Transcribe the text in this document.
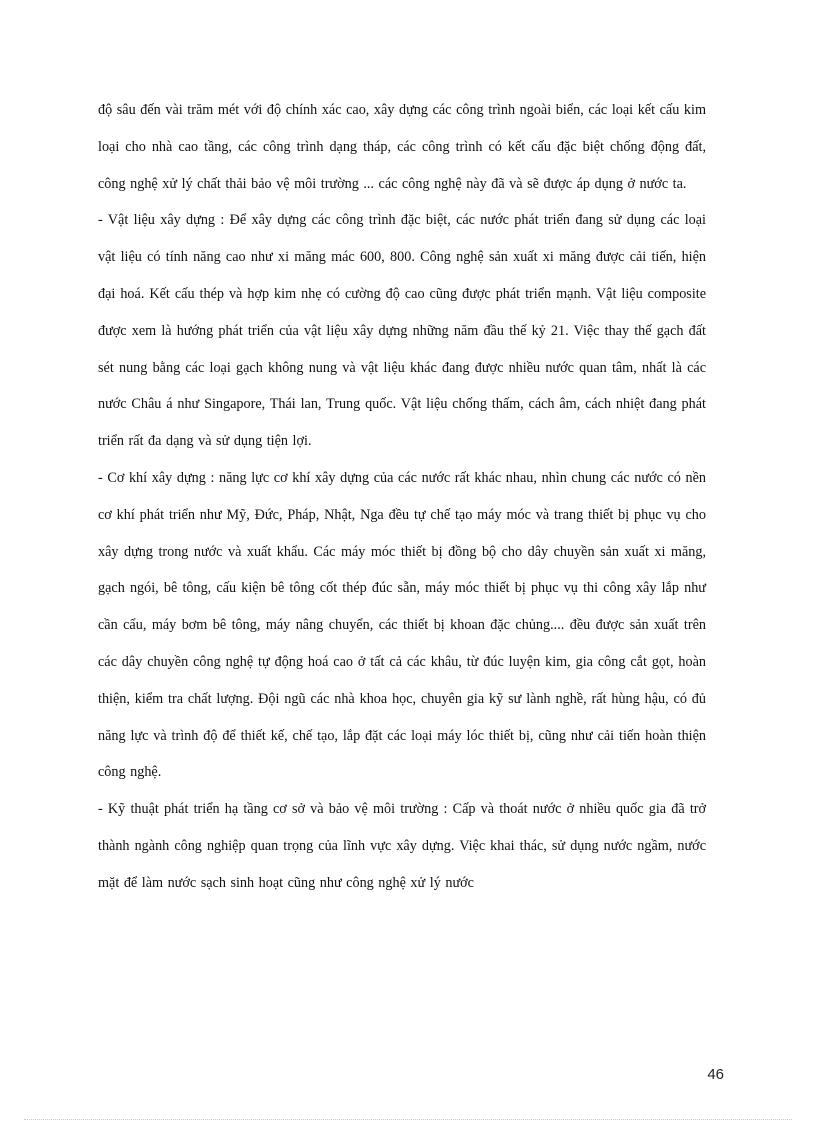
độ sâu đến vài trăm mét với độ chính xác cao, xây dựng các công trình ngoài biển, các loại kết cấu kim loại cho nhà cao tầng, các công trình dạng tháp, các công trình có kết cấu đặc biệt chống động đất, công nghệ xử lý chất thải bảo vệ môi trường ... các công nghệ này đã và sẽ được áp dụng ở nước ta.

- Vật liệu xây dựng : Để xây dựng các công trình đặc biệt, các nước phát triển đang sử dụng các loại vật liệu có tính năng cao như xi măng mác 600, 800. Công nghệ sản xuất xi măng được cải tiến, hiện đại hoá. Kết cấu thép và hợp kim nhẹ có cường độ cao cũng được phát triển mạnh. Vật liệu composite được xem là hướng phát triển của vật liệu xây dựng những năm đầu thế kỷ 21. Việc thay thế gạch đất sét nung bằng các loại gạch không nung và vật liệu khác đang được nhiều nước quan tâm, nhất là các nước Châu á như Singapore, Thái lan, Trung quốc. Vật liệu chống thấm, cách âm, cách nhiệt đang phát triển rất đa dạng và sử dụng tiện lợi.

- Cơ khí xây dựng : năng lực cơ khí xây dựng của các nước rất khác nhau, nhìn chung các nước có nền cơ khí phát triển như Mỹ, Đức, Pháp, Nhật, Nga đều tự chế tạo máy móc và trang thiết bị phục vụ cho xây dựng trong nước và xuất khẩu. Các máy móc thiết bị đồng bộ cho dây chuyền sản xuất xi măng, gạch ngói, bê tông, cấu kiện bê tông cốt thép đúc sẵn, máy móc thiết bị phục vụ thi công xây lắp như cần cẩu, máy bơm bê tông, máy nâng chuyển, các thiết bị khoan đặc chủng.... đều được sản xuất trên các dây chuyền công nghệ tự động hoá cao ở tất cả các khâu, từ đúc luyện kim, gia công cắt gọt, hoàn thiện, kiểm tra chất lượng. Đội ngũ các nhà khoa học, chuyên gia kỹ sư lành nghề, rất hùng hậu, có đủ năng lực và trình độ để thiết kế, chế tạo, lắp đặt các loại máy lóc thiết bị, cũng như cải tiến hoàn thiện công nghệ.

- Kỹ thuật phát triển hạ tầng cơ sở và bảo vệ môi trường : Cấp và thoát nước ở nhiều quốc gia đã trở thành ngành công nghiệp quan trọng của lĩnh vực xây dựng. Việc khai thác, sử dụng nước ngầm, nước mặt để làm nước sạch sinh hoạt cũng như công nghệ xử lý nước

46
